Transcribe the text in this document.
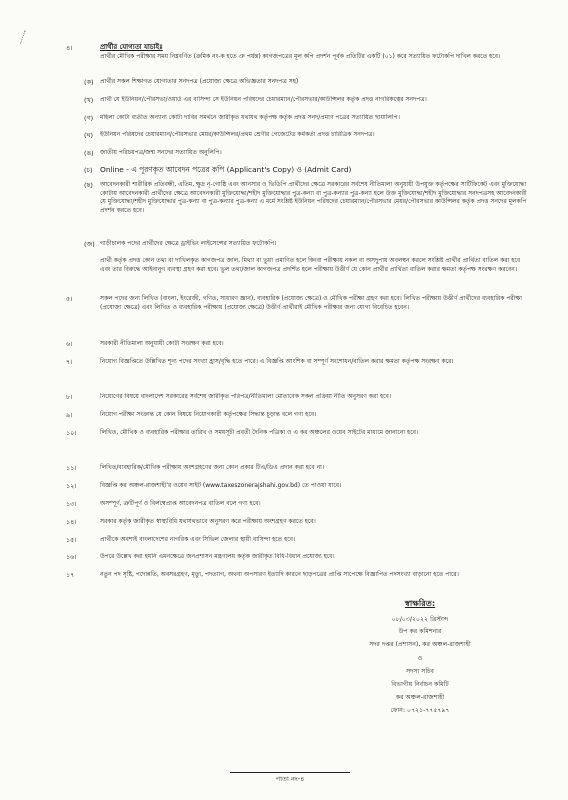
৪।	প্রার্থীর যোগ্যতা যাচাইঃ
প্রার্থীর মৌখিক পরীক্ষার সময় নিম্নবর্ণিত (ক্রমিক নং-ক হতে ঞ পর্যন্ত) কাগজপত্রের মূল কপি প্রদর্শন পূর্বক প্রতিটির একটি (০১) করে সত্যায়িত ফটোকপি দাখিল করতে হবে।
(ক) প্রার্থীর সকল শিক্ষাগত যোগ্যতার সনদপত্র (প্রযোজ্য ক্ষেত্রে অভিজ্ঞতার সনদপত্র সহ)
(খ) প্রার্থী যে ইউনিয়ন/পৌরসভা/ওয়ার্ড এর বাসিন্দা সে ইউনিয়ন পরিষদের চেয়ারম্যান/পৌরসভার/কাউন্সিলর কর্তৃক প্রদত্ত নাগরিকত্বের সনদপত্র।
(গ) মহিলা কোটা ব্যতীত অন্যান্য কোটা দাবির সমর্থনে জারীকৃত যথাযথ কর্তৃপক্ষ কর্তৃক প্রদত্ত সনদ/প্রমাণ পত্রের সত্যায়িত ছায়ালিপি।
(ঘ) ইউনিয়ন পরিষদের চেয়ারম্যান/পৌরসভার মেয়র/কাউন্সিলর/প্রথম শ্রেণীর গেজেটেড কর্মকর্তা প্রদত্ত চারিত্রিক সনদপত্র।
(ঙ) জাতীয় পরিচয়পত্র/জন্ম সনদের সত্যায়িত অনুলিপি।
(চ) Online - এ পূরণকৃত আবেদন পত্রের কপি (Applicant's Copy) ও (Admit Card)
(ছ) আবেদনকারী শারীরিক প্রতিবন্ধী, এতিম, ক্ষুদ্র নৃ-গোষ্ঠি এবং আনসার ও ভিডিপি প্রার্থীদের ক্ষেত্রে সরকারের সর্বশেষ নীতিমালা অনুযায়ী উপযুক্ত কর্তৃপক্ষের সার্টিফিকেট এবং মুক্তিযোদ্ধা কোটায় আবেদনকারী প্রার্থীদের ক্ষেত্রে আবেদনকারী মুক্তিযোদ্ধা/শহীদ মুক্তিযোদ্ধার পুত্র-কন্যা বা পুত্র-কন্যার পুত্র-কন্যা হলে উক্ত মুক্তিযোদ্ধা/শহীদ মুক্তিযোদ্ধার সনদপত্রসহ আবেদনকারী যে মুক্তিযোদ্ধা/শহীদ মুক্তিযোদ্ধার পুত্র-কন্যা বা পুত্র-কন্যার পুত্র-কন্যা এ মর্মে সংশ্লিষ্ট ইউনিয়ন পরিষদের চেয়ারম্যান/পৌরসভার মেয়র/পৌরসভার কাউন্সিলর কর্তৃক প্রদত্ত সনদের মূলকপি প্রদর্শন করতে হবে।
(জ) গাড়ীচালক পদের প্রার্থীদের ক্ষেত্রে ড্রাইভিং লাইসেন্সের সত্যায়িত ফটোকপি।
প্রার্থী কর্তৃক প্রদত্ত কোন তথ্য বা দাখিলকৃত কাগজপত্র জাল, মিথ্যা বা ভুয়া প্রমাণিত হলে কিংবা পরীক্ষায় নকল বা অসদুপায় অবলম্বন করলে সংশ্লিষ্ট প্রার্থীর প্রার্থিতা বাতিল করা হবে এবং তার বিরুদ্ধে আইনানুগ ব্যবস্থা গ্রহণ করা হবে। ভুল তথ্য/জাল কাগজপত্র প্রদর্শিত হলে পরীক্ষায় উত্তীর্ণ যে কোন প্রার্থীর প্রার্থিতা বাতিল করার ক্ষমতা কর্তৃপক্ষ সংরক্ষণ করবেন।
৫।	সকল পদের জন্য লিখিত (বাংলা, ইংরেজী, গণিত, সাধারণ জ্ঞান), ব্যবহারিক (প্রযোজ্য ক্ষেত্রে) ও মৌখিক পরীক্ষা গ্রহণ করা হবে। লিখিত পরীক্ষায় উত্তীর্ণ প্রার্থীদের ব্যবহারিক পরীক্ষা (প্রযোজ্য ক্ষেত্রে) এবং লিখিত ও ব্যবহারিক পরীক্ষায় (প্রযোজ্য ক্ষেত্রে) উত্তীর্ণ প্রার্থীরাই মৌখিক পরীক্ষার জন্য যোগ্য বিবেচিত হবেন।
৬।	সরকারী নীতিমালা অনুযায়ী কোটা সংরক্ষণ করা হবে।
৭।	নিয়োগ বিজ্ঞপ্তিতে উল্লিখিত শূন্য পদের সংখ্যা হ্রাস/বৃদ্ধি হতে পারে। এ বিজ্ঞপ্তি আংশিক বা সম্পূর্ণ সংশোধন/বাতিল করার ক্ষমতা কর্তৃপক্ষ সংরক্ষণ করে।
৮।	নিয়োগের বিষয়ে বাংলাদেশ সরকারের সর্বশেষ জারীকৃত পরিপত্র/নীতিমালা মোতাবেক সকল প্রক্রিয়া নীতি অনুসরণ করা হবে।
৯।	নিয়োগ পরীক্ষা সংক্রান্ত যে কোন বিষয়ে নিয়োগকারী কর্তৃপক্ষের সিদ্ধান্ত চূড়ান্ত বলে গণ্য হবে।
১০।	লিখিত, মৌখিক ও ব্যবহারিক পরীক্ষার তারিখ ও সময়সূচী প্রবর্তী দৈনিক পত্রিকা ও এ কর অঞ্চলের ওয়েব সাইটের মাধ্যমে জানানো হবে।
১১।	লিখিত/ব্যবহারিক/মৌখিক পরীক্ষায় অংশগ্রহণের জন্য কোন প্রকার টিএ/ডিএ প্রদান করা হবে না।
১২।	বিজ্ঞপ্তি কর অঞ্চল-রাজশাহী'র ওয়েব সাইট (www.taxeszonerajshahi.gov.bd) তে পাওয়া যাবে।
১৩।	অসম্পূর্ণ, ত্রুটিপূর্ণ ও বিলম্বেপ্রাপ্ত আবেদনপত্র বাতিল বলে গণ্য হবে।
১৪।	সরকার কর্তৃক জারীকৃত স্বাস্থ্যবিধি যথাযথভাবে অনুসরণ করে পরীক্ষায় অংশগ্রহণ করতে হবে।
১৫।	প্রার্থীকে অবশ্যই বাংলাদেশের নাগরিক এবং সিভিল জেলার স্থায়ী বাসিন্দা হতে হবে।
১৬।	উপরে উল্লেখ করা হয়নি এমনক্ষেত্রে জনপ্রশাসন মন্ত্রণালয় কর্তৃক জারীকৃত বিধি-বিধান প্রযোজ্য হবে।
১৭	নতুন পদ সৃষ্টি, পদোন্নতি, অবসরগ্রহণ, মৃত্যু, পদত্যাগ, অথবা অপসারণ ইত্যাদি কারনে ছাড়পত্রের প্রাপ্তি সাপেক্ষে বিজ্ঞাপিত পদসংখ্যা বাড়ানো হতে পারে।
স্বাক্ষরিত:
০৮/০৩/২০২২ খ্রিস্টাব্দ
উপ কর কমিশনার
সদর দপ্তর (প্রশাসন), কর অঞ্চল-রাজশাহী
ও
সদস্য সচিব
বিভাগীয় নির্বাচন কমিটি
কর অঞ্চল-রাজশাহী
ফোন: ০৭২১-৭৭৫৭৯৭
পাতা নং-৪
